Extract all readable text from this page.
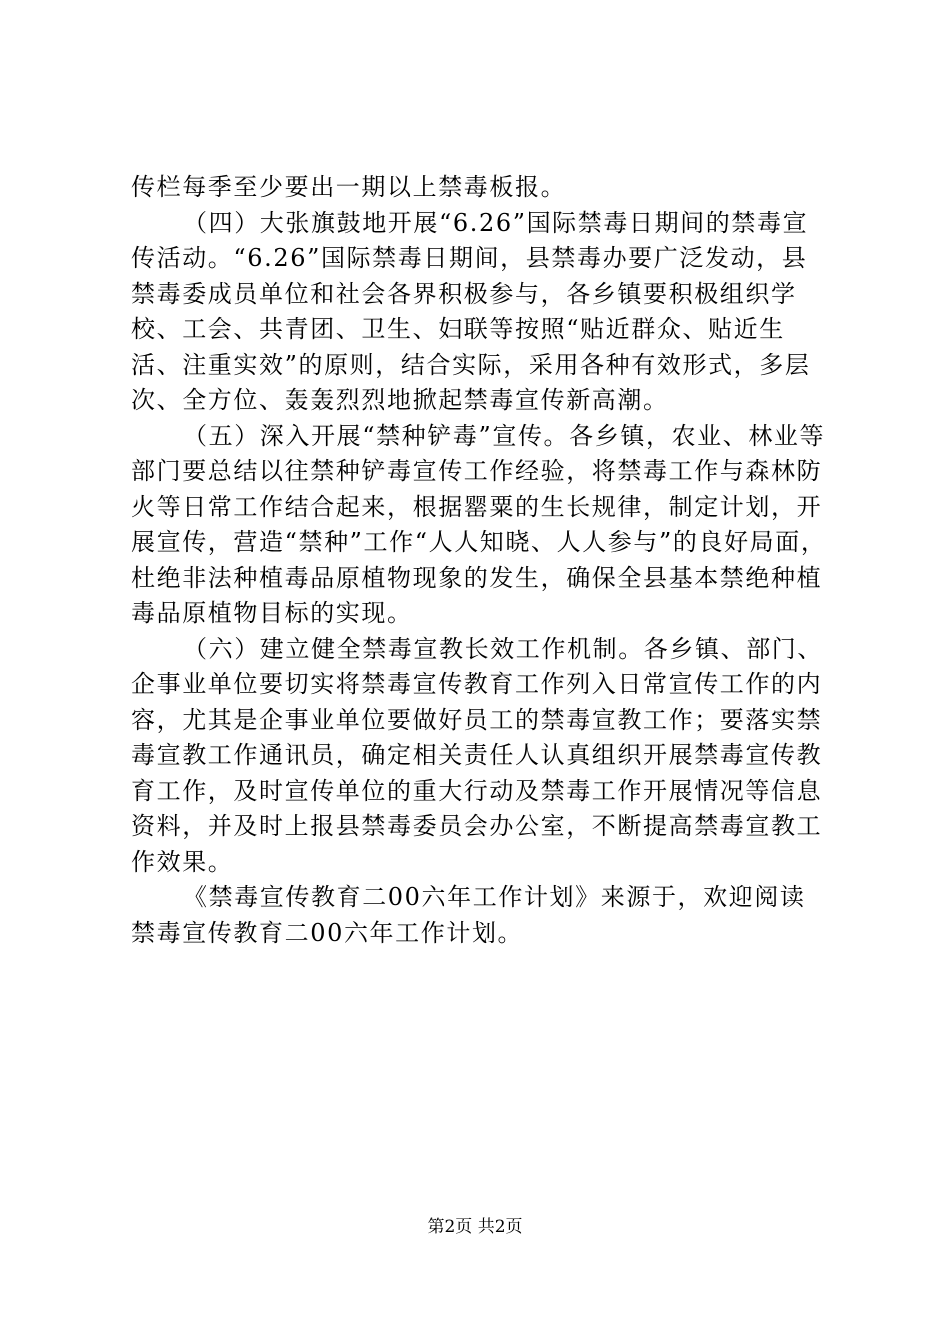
传栏每季至少要出一期以上禁毒板报。

（四）大张旗鼓地开展“6.26”国际禁毒日期间的禁毒宣传活动。“6.26”国际禁毒日期间，县禁毒办要广泛发动，县禁毒委成员单位和社会各界积极参与，各乡镇要积极组织学校、工会、共青团、卫生、妇联等按照“贴近群众、贴近生活、注重实效”的原则，结合实际，采用各种有效形式，多层次、全方位、轰轰烈烈地掀起禁毒宣传新高潮。

（五）深入开展“禁种铲毒”宣传。各乡镇，农业、林业等部门要总结以往禁种铲毒宣传工作经验，将禁毒工作与森林防火等日常工作结合起来，根据罂粟的生长规律，制定计划，开展宣传，营造“禁种”工作“人人知晓、人人参与”的良好局面，杜绝非法种植毒品原植物现象的发生，确保全县基本禁绝种植毒品原植物目标的实现。

（六）建立健全禁毒宣教长效工作机制。各乡镇、部门、企事业单位要切实将禁毒宣传教育工作列入日常宣传工作的内容，尤其是企事业单位要做好员工的禁毒宣教工作；要落实禁毒宣教工作通讯员，确定相关责任人认真组织开展禁毒宣传教育工作，及时宣传单位的重大行动及禁毒工作开展情况等信息资料，并及时上报县禁毒委员会办公室，不断提高禁毒宣教工作效果。

《禁毒宣传教育二00六年工作计划》来源于，欢迎阅读禁毒宣传教育二00六年工作计划。

第2页 共2页
